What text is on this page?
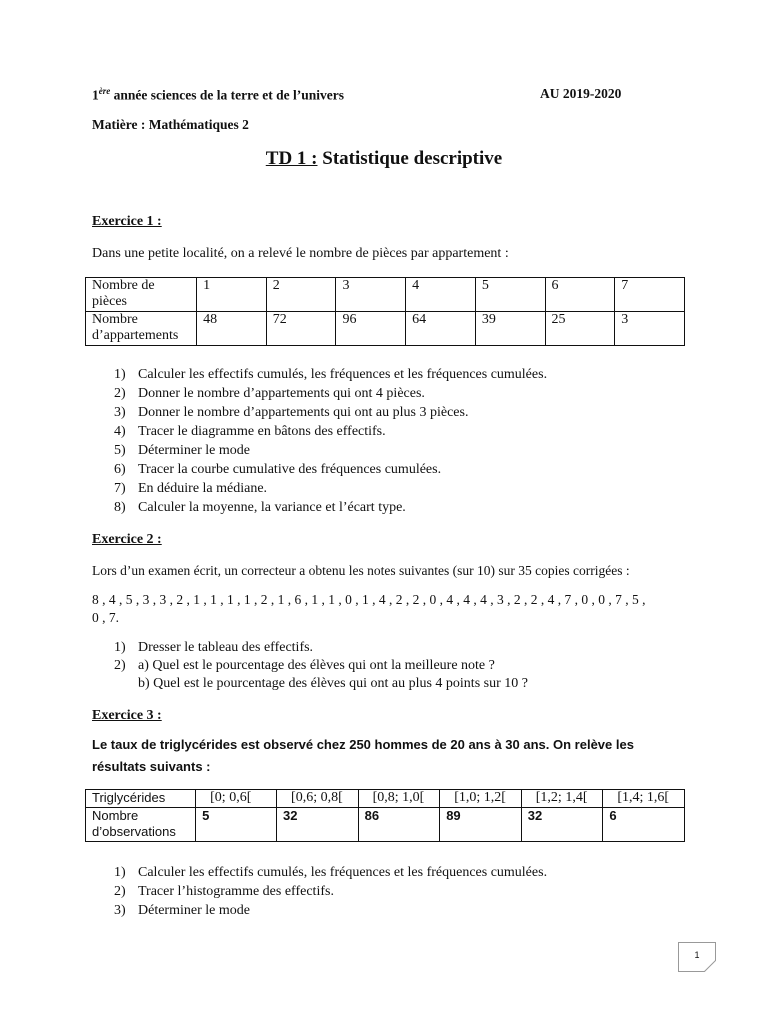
1ère année sciences de la terre et de l’univers	AU 2019-2020
Matière : Mathématiques 2
TD 1 : Statistique descriptive
Exercice 1 :
Dans une petite localité, on a relevé le nombre de pièces par appartement :
Nombre de pièces	1	2	3	4	5	6	7
Nombre d’appartements	48	72	96	64	39	25	3
1) Calculer les effectifs cumulés, les fréquences et les fréquences cumulées.
2) Donner le nombre d’appartements qui ont 4 pièces.
3) Donner le nombre d’appartements qui ont au plus 3 pièces.
4) Tracer le diagramme en bâtons des effectifs.
5) Déterminer le mode
6) Tracer la courbe cumulative des fréquences cumulées.
7) En déduire la médiane.
8) Calculer la moyenne, la variance et l’écart type.
Exercice 2 :
Lors d’un examen écrit, un correcteur a obtenu les notes suivantes (sur 10) sur 35 copies corrigées :
8 , 4 , 5 , 3 , 3 , 2 , 1 , 1 , 1 , 1 , 2 , 1 , 6 , 1 , 1 , 0 , 1 , 4 , 2 , 2 , 0 , 4 , 4 , 4 , 3 , 2 , 2 , 4 , 7 , 0 , 0 , 7 , 5 ,
0 , 7.
1) Dresser le tableau des effectifs.
2) a) Quel est le pourcentage des élèves qui ont la meilleure note ?
b) Quel est le pourcentage des élèves qui ont au plus 4 points sur 10 ?
Exercice 3 :
Le taux de triglycérides est observé chez 250 hommes de 20 ans à 30 ans. On relève les
résultats suivants :
Triglycérides	[0; 0,6[	[0,6; 0,8[	[0,8; 1,0[	[1,0; 1,2[	[1,2; 1,4[	[1,4; 1,6[
Nombre d’observations	5	32	86	89	32	6
1) Calculer les effectifs cumulés, les fréquences et les fréquences cumulées.
2) Tracer l’histogramme des effectifs.
3) Déterminer le mode
1
